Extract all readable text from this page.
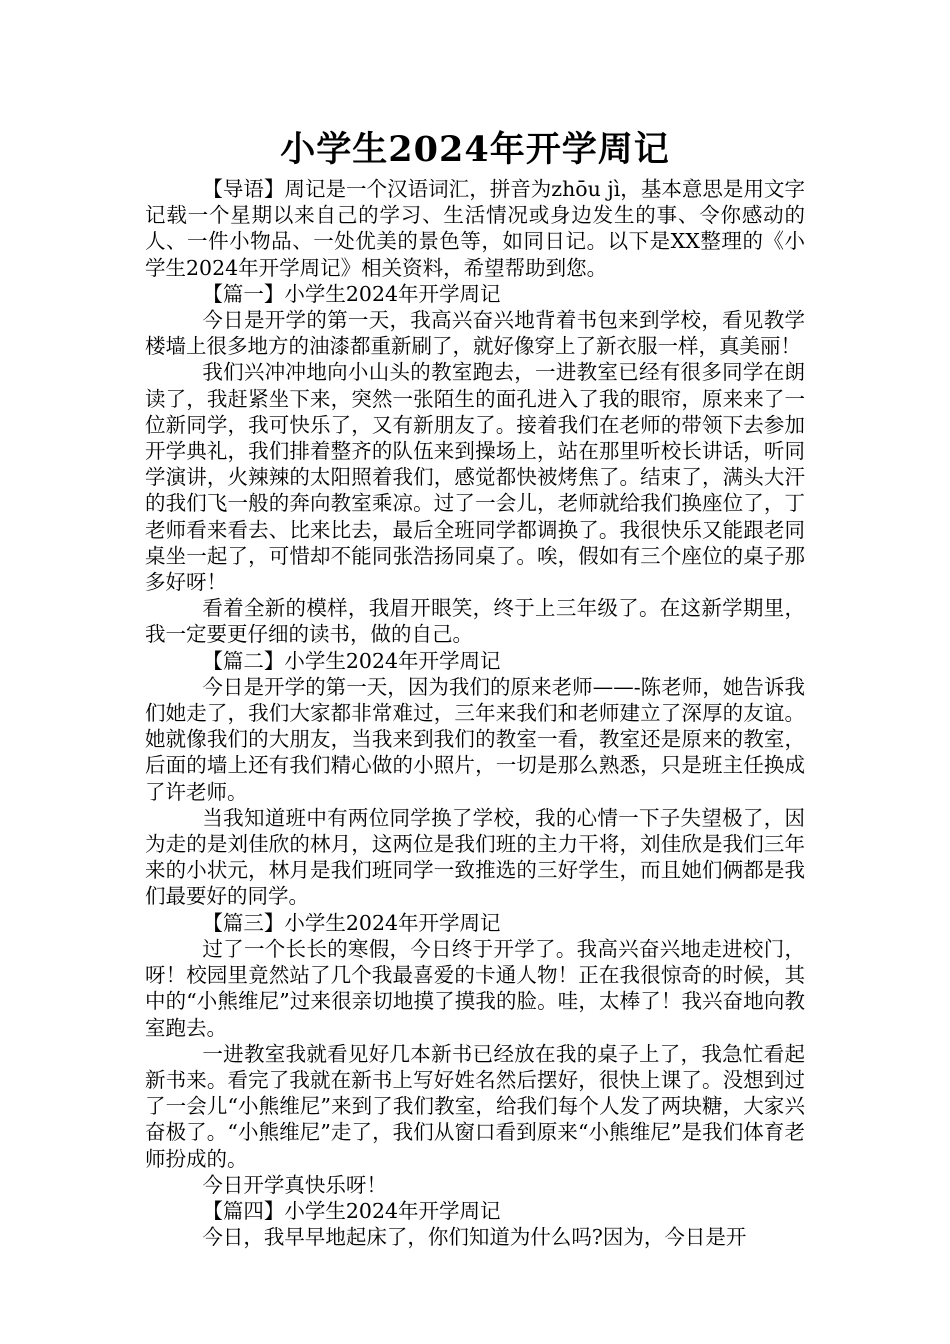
小学生2024年开学周记

【导语】周记是一个汉语词汇，拼音为zhōu jì，基本意思是用文字记载一个星期以来自己的学习、生活情况或身边发生的事、令你感动的人、一件小物品、一处优美的景色等，如同日记。以下是XX整理的《小学生2024年开学周记》相关资料，希望帮助到您。

【篇一】小学生2024年开学周记

今日是开学的第一天，我高兴奋兴地背着书包来到学校，看见教学楼墙上很多地方的油漆都重新刷了，就好像穿上了新衣服一样，真美丽！

我们兴冲冲地向小山头的教室跑去，一进教室已经有很多同学在朗读了，我赶紧坐下来，突然一张陌生的面孔进入了我的眼帘，原来来了一位新同学，我可快乐了，又有新朋友了。接着我们在老师的带领下去参加开学典礼，我们排着整齐的队伍来到操场上，站在那里听校长讲话，听同学演讲，火辣辣的太阳照着我们，感觉都快被烤焦了。结束了，满头大汗的我们飞一般的奔向教室乘凉。过了一会儿，老师就给我们换座位了，丁老师看来看去、比来比去，最后全班同学都调换了。我很快乐又能跟老同桌坐一起了，可惜却不能同张浩扬同桌了。唉，假如有三个座位的桌子那多好呀！

看着全新的模样，我眉开眼笑，终于上三年级了。在这新学期里，我一定要更仔细的读书，做的自己。

【篇二】小学生2024年开学周记

今日是开学的第一天，因为我们的原来老师——-陈老师，她告诉我们她走了，我们大家都非常难过，三年来我们和老师建立了深厚的友谊。她就像我们的大朋友，当我来到我们的教室一看，教室还是原来的教室，后面的墙上还有我们精心做的小照片，一切是那么熟悉，只是班主任换成了许老师。

当我知道班中有两位同学换了学校，我的心情一下子失望极了，因为走的是刘佳欣的林月，这两位是我们班的主力干将，刘佳欣是我们三年来的小状元，林月是我们班同学一致推选的三好学生，而且她们俩都是我们最要好的同学。

【篇三】小学生2024年开学周记

过了一个长长的寒假，今日终于开学了。我高兴奋兴地走进校门，呀！校园里竟然站了几个我最喜爱的卡通人物！正在我很惊奇的时候，其中的“小熊维尼”过来很亲切地摸了摸我的脸。哇，太棒了！我兴奋地向教室跑去。

一进教室我就看见好几本新书已经放在我的桌子上了，我急忙看起新书来。看完了我就在新书上写好姓名然后摆好，很快上课了。没想到过了一会儿“小熊维尼”来到了我们教室，给我们每个人发了两块糖，大家兴奋极了。“小熊维尼”走了，我们从窗口看到原来“小熊维尼”是我们体育老师扮成的。

今日开学真快乐呀！

【篇四】小学生2024年开学周记

今日，我早早地起床了，你们知道为什么吗?因为，今日是开
